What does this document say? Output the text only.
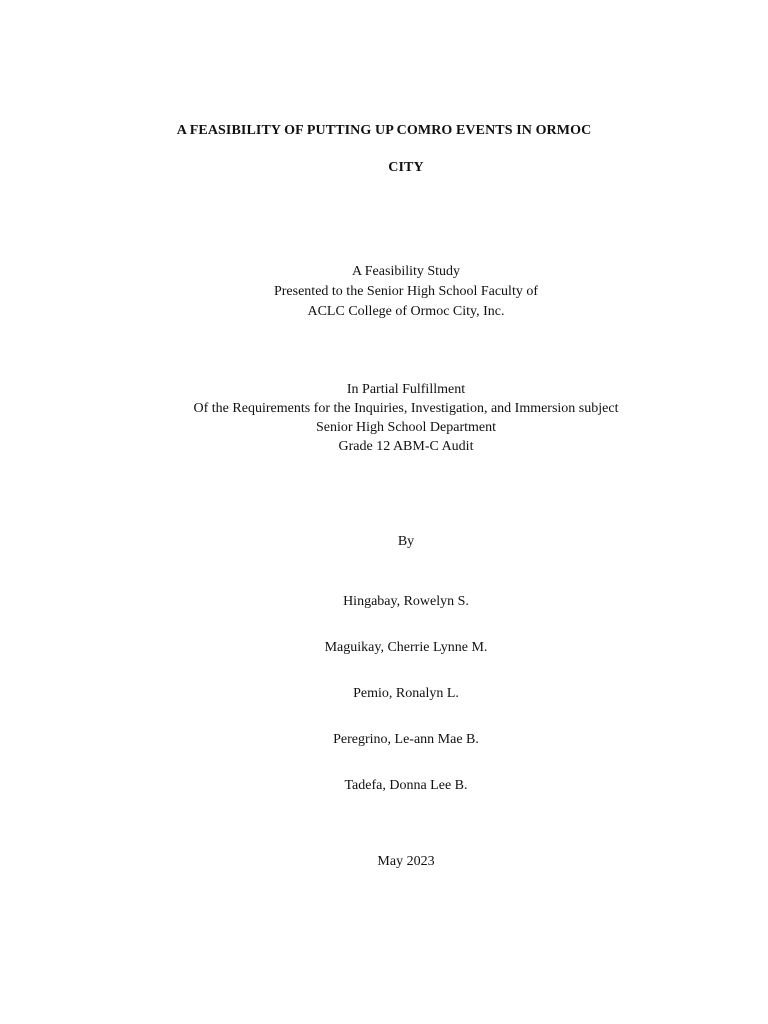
A FEASIBILITY OF PUTTING UP COMRO EVENTS IN ORMOC
CITY
A Feasibility Study
Presented to the Senior High School Faculty of
ACLC College of Ormoc City, Inc.
In Partial Fulfillment
Of the Requirements for the Inquiries, Investigation, and Immersion subject
Senior High School Department
Grade 12 ABM-C Audit
By
Hingabay, Rowelyn S.
Maguikay, Cherrie Lynne M.
Pemio, Ronalyn L.
Peregrino, Le-ann Mae B.
Tadefa, Donna Lee B.
May 2023
